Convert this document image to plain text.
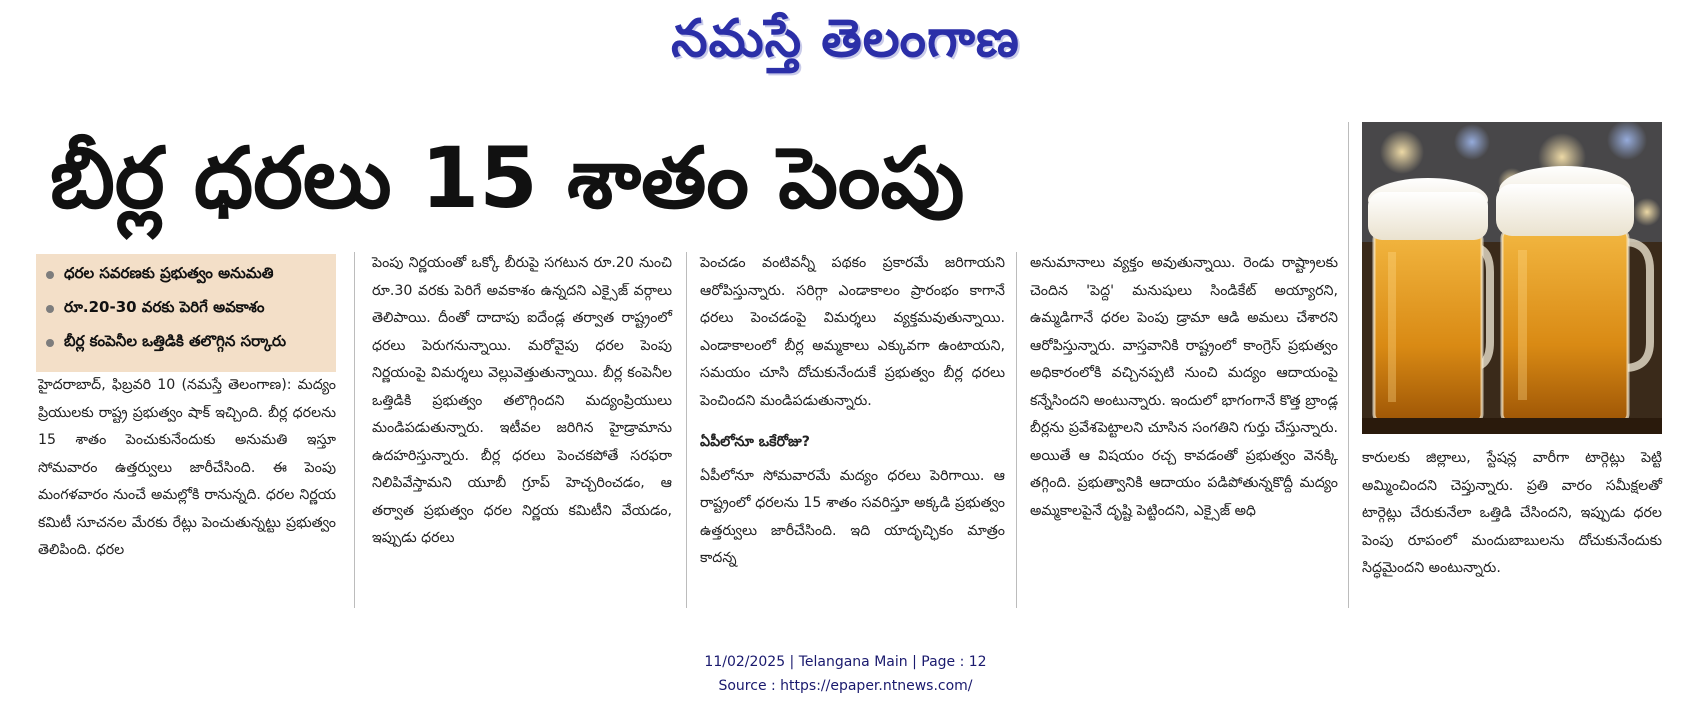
నమస్తే తెలంగాణ
బీర్ల ధరలు 15 శాతం పెంపు
ధరల సవరణకు ప్రభుత్వం అనుమతి
రూ.20-30 వరకు పెరిగే అవకాశం
బీర్ల కంపెనీల ఒత్తిడికి తలొగ్గిన సర్కారు

హైదరాబాద్, ఫిబ్రవరి 10 (నమస్తే తెలంగాణ): మద్యం ప్రియులకు రాష్ట్ర ప్రభుత్వం షాక్ ఇచ్చింది. బీర్ల ధరలను 15 శాతం పెంచుకునేందుకు అనుమతి ఇస్తూ సోమవారం ఉత్తర్వులు జారీచేసింది. ఈ పెంపు మంగళవారం నుంచే అమల్లోకి రానున్నది. ధరల నిర్ణయ కమిటీ సూచనల మేరకు రేట్లు పెంచుతున్నట్టు ప్రభుత్వం తెలిపింది. ధరల

పెంపు నిర్ణయంతో ఒక్కో బీరుపై సగటున రూ.20 నుంచి రూ.30 వరకు పెరిగే అవకాశం ఉన్నదని ఎక్సైజ్ వర్గాలు తెలిపాయి. దీంతో దాదాపు ఐదేండ్ల తర్వాత రాష్ట్రంలో ధరలు పెరుగనున్నాయి. మరోవైపు ధరల పెంపు నిర్ణయంపై విమర్శలు వెల్లువెత్తుతున్నాయి. బీర్ల కంపెనీల ఒత్తిడికి ప్రభుత్వం తలొగ్గిందని మద్యంప్రియులు మండిపడుతున్నారు. ఇటీవల జరిగిన హైడ్రామాను ఉదహరిస్తున్నారు. బీర్ల ధరలు పెంచకపోతే సరఫరా నిలిపివేస్తామని యూబీ గ్రూప్ హెచ్చరించడం, ఆ తర్వాత ప్రభుత్వం ధరల నిర్ణయ కమిటీని వేయడం, ఇప్పుడు ధరలు

పెంచడం వంటివన్నీ పథకం ప్రకారమే జరిగాయని ఆరోపిస్తున్నారు. సరిగ్గా ఎండాకాలం ప్రారంభం కాగానే ధరలు పెంచడంపై విమర్శలు వ్యక్తమవుతున్నాయి. ఎండాకాలంలో బీర్ల అమ్మకాలు ఎక్కువగా ఉంటాయని, సమయం చూసి దోచుకునేందుకే ప్రభుత్వం బీర్ల ధరలు పెంచిందని మండిపడుతున్నారు.

ఏపీలోనూ ఒకేరోజు?

ఏపీలోనూ సోమవారమే మద్యం ధరలు పెరిగాయి. ఆ రాష్ట్రంలో ధరలను 15 శాతం సవరిస్తూ అక్కడి ప్రభుత్వం ఉత్తర్వులు జారీచేసింది. ఇది యాదృచ్ఛికం మాత్రం కాదన్న

అనుమానాలు వ్యక్తం అవుతున్నాయి. రెండు రాష్ట్రాలకు చెందిన 'పెద్ద' మనుషులు సిండికేట్ అయ్యారని, ఉమ్మడిగానే ధరల పెంపు డ్రామా ఆడి అమలు చేశారని ఆరోపిస్తున్నారు. వాస్తవానికి రాష్ట్రంలో కాంగ్రెస్ ప్రభుత్వం అధికారంలోకి వచ్చినప్పటి నుంచి మద్యం ఆదాయంపై కన్నేసిందని అంటున్నారు. ఇందులో భాగంగానే కొత్త బ్రాండ్ల బీర్లను ప్రవేశపెట్టాలని చూసిన సంగతిని గుర్తు చేస్తున్నారు. అయితే ఆ విషయం రచ్చ కావడంతో ప్రభుత్వం వెనక్కి తగ్గింది. ప్రభుత్వానికి ఆదాయం పడిపోతున్నకొద్దీ మద్యం అమ్మకాలపైనే దృష్టి పెట్టిందని, ఎక్సైజ్ అధి

కారులకు జిల్లాలు, స్టేషన్ల వారీగా టార్గెట్లు పెట్టి అమ్మించిందని చెప్తున్నారు. ప్రతి వారం సమీక్షలతో టార్గెట్లు చేరుకునేలా ఒత్తిడి చేసిందని, ఇప్పుడు ధరల పెంపు రూపంలో మందుబాబులను దోచుకునేందుకు సిద్ధమైందని అంటున్నారు.

11/02/2025 | Telangana Main | Page : 12
Source : https://epaper.ntnews.com/
